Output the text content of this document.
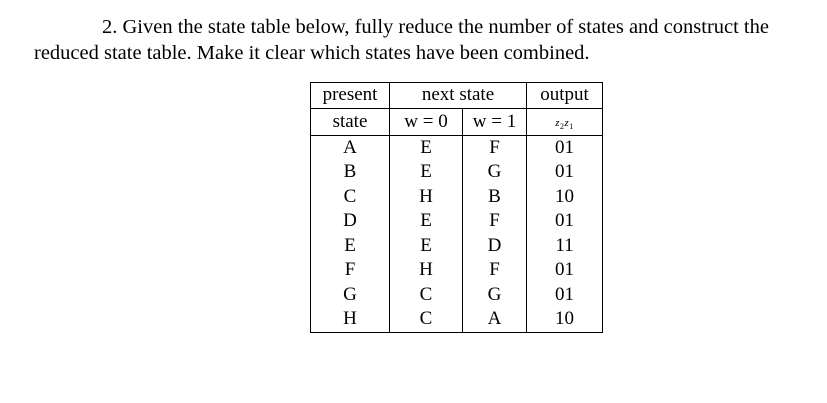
2. Given the state table below, fully reduce the number of states and construct the
reduced state table. Make it clear which states have been combined.

present	next state		output
state	w = 0	w = 1	$z_2z_1$
A	E	F	01
B	E	G	01
C	H	B	10
D	E	F	01
E	E	D	11
F	H	F	01
G	C	G	01
H	C	A	10
